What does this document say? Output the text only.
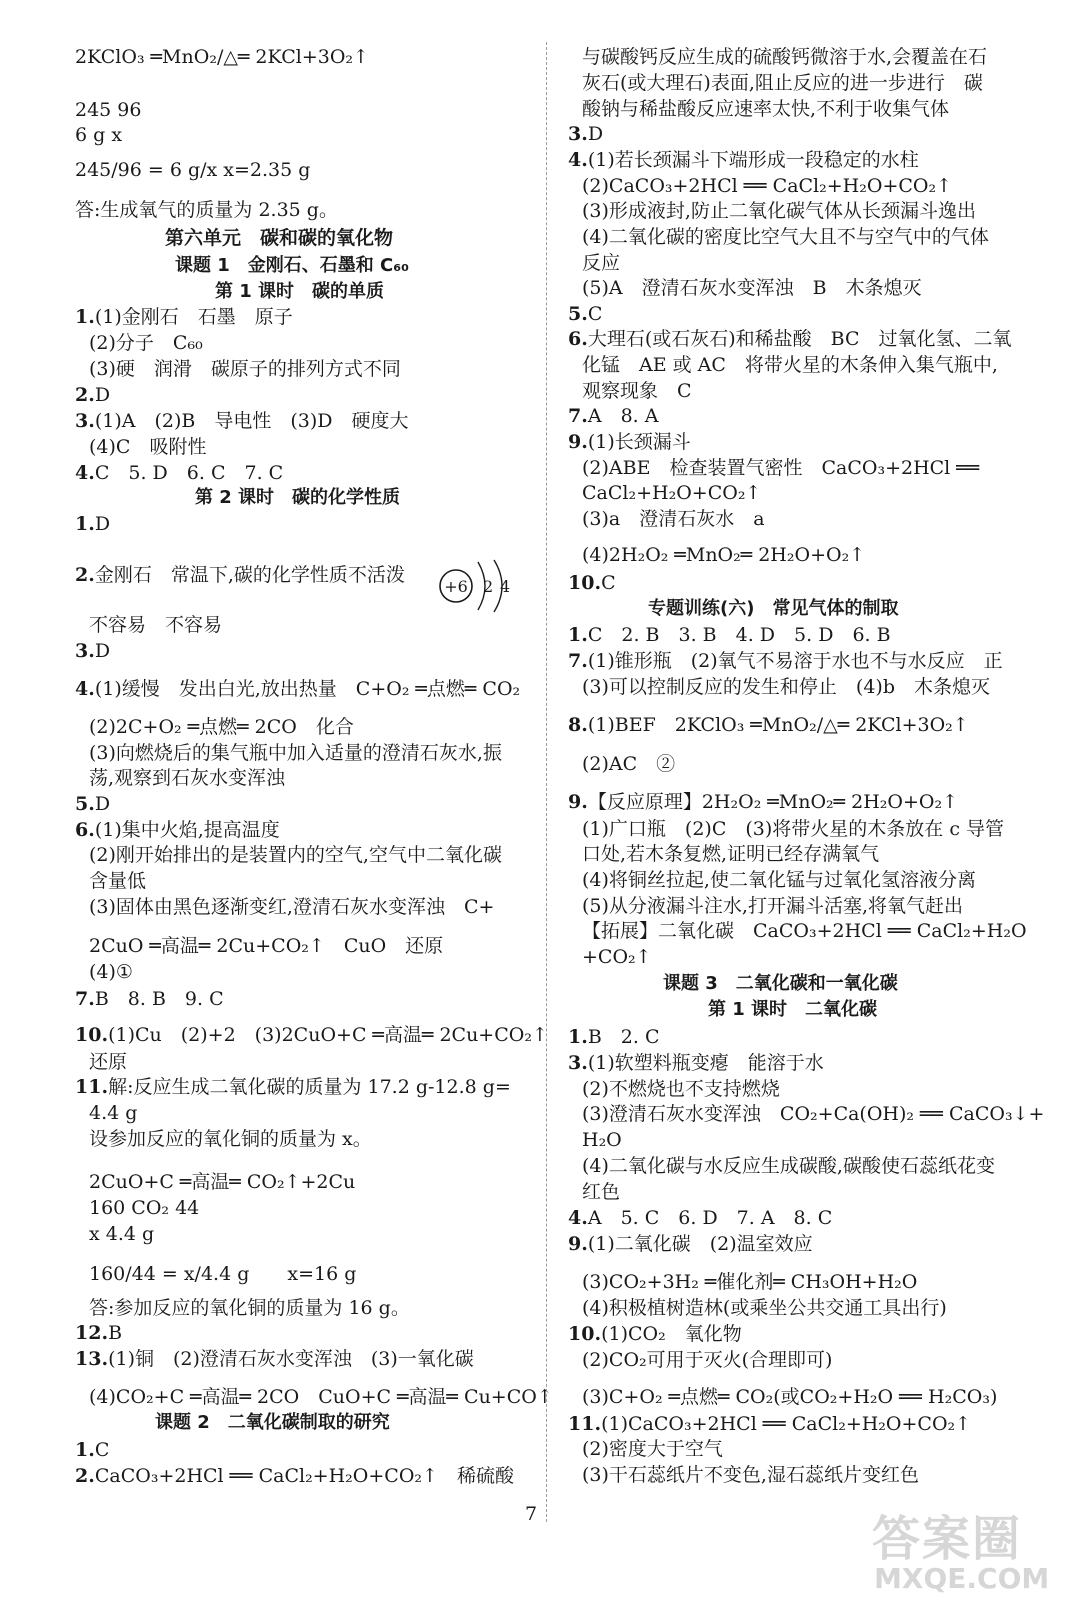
2KClO₃ ═MnO₂/△═ 2KCl+3O₂↑
245 96
6 g x
245/96 = 6 g/x x=2.35 g
答:生成氧气的质量为 2.35 g。
第六单元　碳和碳的氧化物
课题 1　金刚石、石墨和 C₆₀
第 1 课时　碳的单质
1.(1)金刚石　石墨　原子
(2)分子　C₆₀
(3)硬　润滑　碳原子的排列方式不同
2.D
3.(1)A　(2)B　导电性　(3)D　硬度大
(4)C　吸附性
4.C　5. D　6. C　7. C
第 2 课时　碳的化学性质
1.D
2.金刚石　常温下,碳的化学性质不活泼
不容易　不容易
3.D
4.(1)缓慢　发出白光,放出热量　C+O₂ ═点燃═ CO₂
(2)2C+O₂ ═点燃═ 2CO　化合
(3)向燃烧后的集气瓶中加入适量的澄清石灰水,振
荡,观察到石灰水变浑浊
5.D
6.(1)集中火焰,提高温度
(2)刚开始排出的是装置内的空气,空气中二氧化碳
含量低
(3)固体由黑色逐渐变红,澄清石灰水变浑浊　C+
2CuO ═高温═ 2Cu+CO₂↑　CuO　还原
(4)①
7.B　8. B　9. C
10.(1)Cu　(2)+2　(3)2CuO+C ═高温═ 2Cu+CO₂↑
还原
11.解:反应生成二氧化碳的质量为 17.2 g-12.8 g=
4.4 g
设参加反应的氧化铜的质量为 x。
2CuO+C ═高温═ CO₂↑+2Cu
160 CO₂ 44
x 4.4 g
160/44 = x/4.4 g　　x=16 g
答:参加反应的氧化铜的质量为 16 g。
12.B
13.(1)铜　(2)澄清石灰水变浑浊　(3)一氧化碳
(4)CO₂+C ═高温═ 2CO　CuO+C ═高温═ Cu+CO↑
课题 2　二氧化碳制取的研究
1.C
2.CaCO₃+2HCl ══ CaCl₂+H₂O+CO₂↑　稀硫酸
与碳酸钙反应生成的硫酸钙微溶于水,会覆盖在石
灰石(或大理石)表面,阻止反应的进一步进行　碳
酸钠与稀盐酸反应速率太快,不利于收集气体
3.D
4.(1)若长颈漏斗下端形成一段稳定的水柱
(2)CaCO₃+2HCl ══ CaCl₂+H₂O+CO₂↑
(3)形成液封,防止二氧化碳气体从长颈漏斗逸出
(4)二氧化碳的密度比空气大且不与空气中的气体
反应
(5)A　澄清石灰水变浑浊　B　木条熄灭
5.C
6.大理石(或石灰石)和稀盐酸　BC　过氧化氢、二氧
化锰　AE 或 AC　将带火星的木条伸入集气瓶中,
观察现象　C
7.A　8. A
9.(1)长颈漏斗
(2)ABE　检查装置气密性　CaCO₃+2HCl ══
CaCl₂+H₂O+CO₂↑
(3)a　澄清石灰水　a
(4)2H₂O₂ ═MnO₂═ 2H₂O+O₂↑
10.C
专题训练(六)　常见气体的制取
1.C　2. B　3. B　4. D　5. D　6. B
7.(1)锥形瓶　(2)氧气不易溶于水也不与水反应　正
(3)可以控制反应的发生和停止　(4)b　木条熄灭
8.(1)BEF　2KClO₃ ═MnO₂/△═ 2KCl+3O₂↑
(2)AC　②
9.【反应原理】2H₂O₂ ═MnO₂═ 2H₂O+O₂↑
(1)广口瓶　(2)C　(3)将带火星的木条放在 c 导管
口处,若木条复燃,证明已经存满氧气
(4)将铜丝拉起,使二氧化锰与过氧化氢溶液分离
(5)从分液漏斗注水,打开漏斗活塞,将氧气赶出
【拓展】二氧化碳　CaCO₃+2HCl ══ CaCl₂+H₂O
+CO₂↑
课题 3　二氧化碳和一氧化碳
第 1 课时　二氧化碳
1.B　2. C
3.(1)软塑料瓶变瘪　能溶于水
(2)不燃烧也不支持燃烧
(3)澄清石灰水变浑浊　CO₂+Ca(OH)₂ ══ CaCO₃↓+
H₂O
(4)二氧化碳与水反应生成碳酸,碳酸使石蕊纸花变
红色
4.A　5. C　6. D　7. A　8. C
9.(1)二氧化碳　(2)温室效应
(3)CO₂+3H₂ ═催化剂═ CH₃OH+H₂O
(4)积极植树造林(或乘坐公共交通工具出行)
10.(1)CO₂　氧化物
(2)CO₂可用于灭火(合理即可)
(3)C+O₂ ═点燃═ CO₂(或CO₂+H₂O ══ H₂CO₃)
11.(1)CaCO₃+2HCl ══ CaCl₂+H₂O+CO₂↑
(2)密度大于空气
(3)干石蕊纸片不变色,湿石蕊纸片变红色
+6 2 4
7	答案圈
MXQE.COM
